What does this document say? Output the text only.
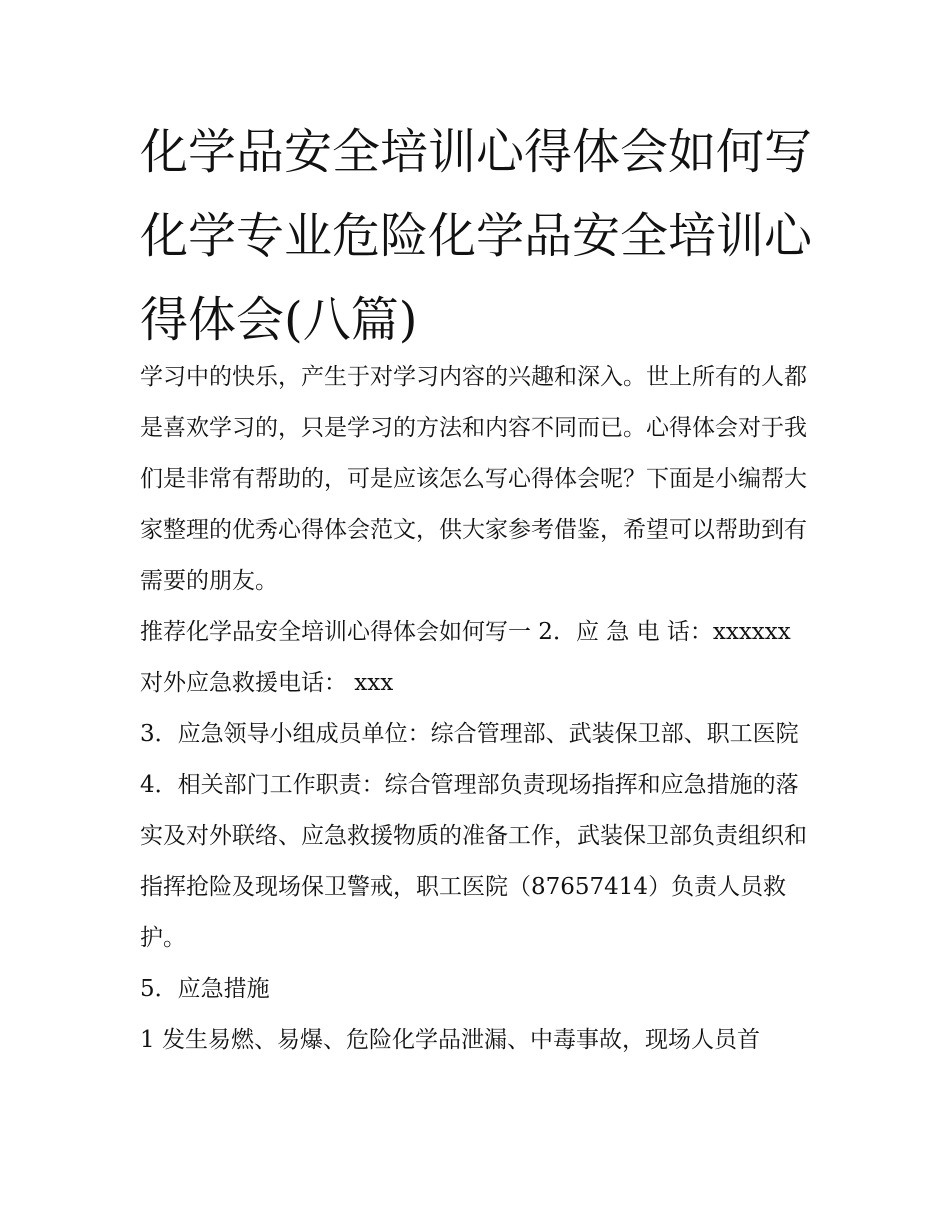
化学品安全培训心得体会如何写 化学专业危险化学品安全培训心得体会(八篇)

学习中的快乐，产生于对学习内容的兴趣和深入。世上所有的人都是喜欢学习的，只是学习的方法和内容不同而已。心得体会对于我们是非常有帮助的，可是应该怎么写心得体会呢？下面是小编帮大家整理的优秀心得体会范文，供大家参考借鉴，希望可以帮助到有需要的朋友。

推荐化学品安全培训心得体会如何写一 2．应 急 电 话：xxxxxx 对外应急救援电话： xxx

3．应急领导小组成员单位：综合管理部、武装保卫部、职工医院

4．相关部门工作职责：综合管理部负责现场指挥和应急措施的落实及对外联络、应急救援物质的准备工作，武装保卫部负责组织和指挥抢险及现场保卫警戒，职工医院（87657414）负责人员救护。

5．应急措施

1 发生易燃、易爆、危险化学品泄漏、中毒事故，现场人员首
